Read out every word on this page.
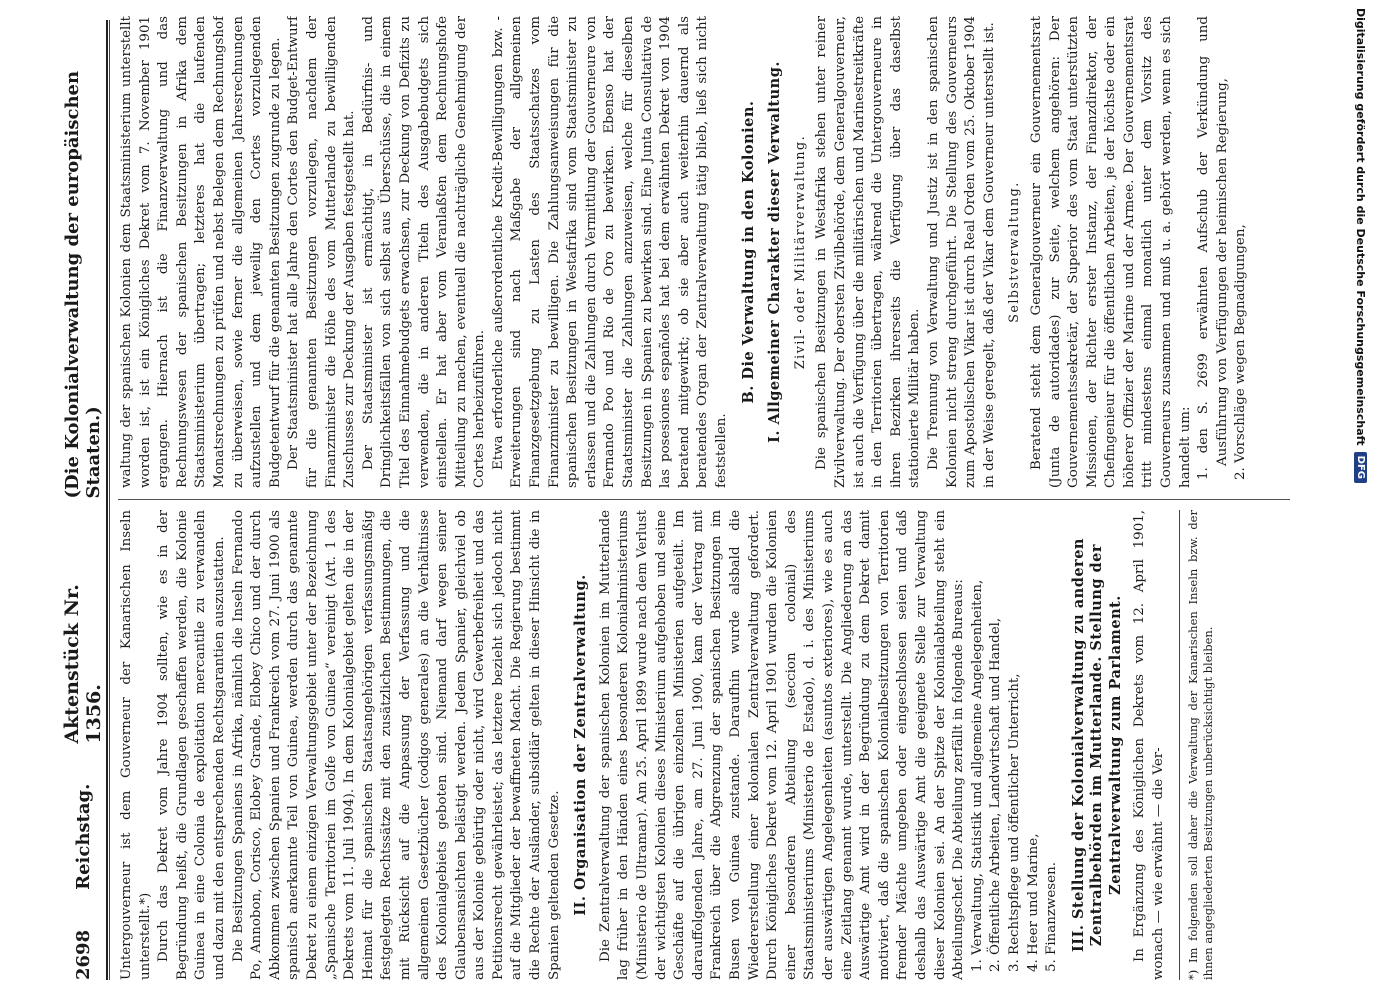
2698
Reichstag.
Aktenstück Nr. 1356.
(Die Kolonialverwaltung der europäischen Staaten.)

Untergouverneur ist dem Gouverneur der Kanarischen Inseln unterstellt.*) Durch das Dekret vom Jahre 1904 sollten, wie es in der Begründung heißt, die Grundlagen geschaffen werden, die Kolonie Guinea in eine Colonia de exploitation mercantile zu verwandeln und dazu mit den entsprechenden Rechtsgarantien auszustatten. Die Besitzungen Spaniens in Afrika, nämlich die Inseln Fernando Po, Annobon, Corisco, Elobey Grande, Elobey Chico und der durch Abkommen zwischen Spanien und Frankreich vom 27. Juni 1900 als spanisch anerkannte Teil von Guinea, werden durch das genannte Dekret zu einem einzigen Verwaltungsgebiet unter der Bezeichnung „Spanische Territorien im Golfe von Guinea“ vereinigt (Art. 1 des Dekrets vom 11. Juli 1904). In dem Kolonialgebiet gelten die in der Heimat für die spanischen Staatsangehörigen verfassungsmäßig festgelegten Rechtssätze mit den zusätzlichen Bestimmungen, die mit Rücksicht auf die Anpassung der Verfassung und die allgemeinen Gesetzbücher (codigos generales) an die Verhältnisse des Kolonialgebiets geboten sind. Niemand darf wegen seiner Glaubensansichten belästigt werden. Jedem Spanier, gleichviel ob aus der Kolonie gebürtig oder nicht, wird Gewerbefreiheit und das Petitionsrecht gewährleistet; das letztere bezieht sich jedoch nicht auf die Mitglieder der bewaffneten Macht. Die Regierung bestimmt die Rechte der Ausländer, subsidiär gelten in dieser Hinsicht die in Spanien geltenden Gesetze. II. Organisation der Zentralverwaltung. Die Zentralverwaltung der spanischen Kolonien im Mutterlande lag früher in den Händen eines besonderen Kolonialministeriums (Ministerio de Ultramar). Am 25. April 1899 wurde nach dem Verlust der wichtigsten Kolonien dieses Ministerium aufgehoben und seine Geschäfte auf die übrigen einzelnen Ministerien aufgeteilt. Im darauffolgenden Jahre, am 27. Juni 1900, kam der Vertrag mit Frankreich über die Abgrenzung der spanischen Besitzungen im Busen von Guinea zustande. Daraufhin wurde alsbald die Wiedererstellung einer kolonialen Zentralverwaltung gefordert. Durch Königliches Dekret vom 12. April 1901 wurden die Kolonien einer besonderen Abteilung (seccion colonial) des Staatsministeriums (Ministerio de Estado), d. i. des Ministeriums der auswärtigen Angelegenheiten (asuntos exteriores), wie es auch eine Zeitlang genannt wurde, unterstellt. Die Angliederung an das Auswärtige Amt wird in der Begründung zu dem Dekret damit motiviert, daß die spanischen Kolonialbesitzungen von Territorien fremder Mächte umgeben oder eingeschlossen seien und daß deshalb das Auswärtige Amt die geeignete Stelle zur Verwaltung dieser Kolonien sei. An der Spitze der Kolonialabteilung steht ein Abteilungschef. Die Abteilung zerfällt in folgende Bureaus: 1. Verwaltung, Statistik und allgemeine Angelegenheiten, 2. Öffentliche Arbeiten, Landwirtschaft und Handel, 3. Rechtspflege und öffentlicher Unterricht, 4. Heer und Marine, 5. Finanzwesen. III. Stellung der Kolonialverwaltung zu anderen Zentralbehörden im Mutterlande. Stellung der Zentralverwaltung zum Parlament. In Ergänzung des Königlichen Dekrets vom 12. April 1901, wonach — wie erwähnt — die Ver-	*) Im folgenden soll daher die Verwaltung der Kanarischen Inseln bzw. der ihnen angegliederten Besitzungen unberücksichtigt bleiben.

waltung der spanischen Kolonien dem Staatsministerium unterstellt worden ist, ist ein Königliches Dekret vom 7. November 1901 ergangen. Hiernach ist die Finanzverwaltung und das Rechnungswesen der spanischen Besitzungen in Afrika dem Staatsministerium übertragen; letzteres hat die laufenden Monatsrechnungen zu prüfen und nebst Belegen dem Rechnungshof zu überweisen, sowie ferner die allgemeinen Jahresrechnungen aufzustellen und dem jeweilig den Cortes vorzulegenden Budgetentwurf für die genannten Besitzungen zugrunde zu legen. Der Staatsminister hat alle Jahre den Cortes den Budget-Entwurf für die genannten Besitzungen vorzulegen, nachdem der Finanzminister die Höhe des vom Mutterlande zu bewilligenden Zuschusses zur Deckung der Ausgaben festgestellt hat. Der Staatsminister ist ermächtigt, in Bedürfnis- und Dringlichkeitsfällen von sich selbst aus Überschüsse, die in einem Titel des Einnahmebudgets erwachsen, zur Deckung von Defizits zu verwenden, die in anderen Titeln des Ausgabebudgets sich einstellen. Er hat aber vom Veranlaßten dem Rechnungshofe Mitteilung zu machen, eventuell die nachträgliche Genehmigung der Cortes herbeizuführen. Etwa erforderliche außerordentliche Kredit-Bewilligungen bzw. -Erweiterungen sind nach Maßgabe der allgemeinen Finanzgesetzgebung zu Lasten des Staatsschatzes vom Finanzminister zu bewilligen. Die Zahlungsanweisungen für die spanischen Besitzungen in Westafrika sind vom Staatsminister zu erlassen und die Zahlungen durch Vermittlung der Gouverneure von Fernando Poo und Rio de Oro zu bewirken. Ebenso hat der Staatsminister die Zahlungen anzuweisen, welche für dieselben Besitzungen in Spanien zu bewirken sind. Eine Junta Consultativa de las posesiones españoles hat bei dem erwähnten Dekret von 1904 beratend mitgewirkt; ob sie aber auch weiterhin dauernd als beratendes Organ der Zentralverwaltung tätig blieb, ließ sich nicht feststellen.

B. Die Verwaltung in den Kolonien. I. Allgemeiner Charakter dieser Verwaltung. Zivil- oder Militärverwaltung. Die spanischen Besitzungen in Westafrika stehen unter reiner Zivilverwaltung. Der obersten Zivilbehörde, dem Generalgouverneur, ist auch die Verfügung über die militärischen und Marinestreitkräfte in den Territorien übertragen, während die Untergouverneure in ihren Bezirken ihrerseits die Verfügung über das daselbst stationierte Militär haben. Die Trennung von Verwaltung und Justiz ist in den spanischen Kolonien nicht streng durchgeführt. Die Stellung des Gouverneurs zum Apostolischen Vikar ist durch Real Orden vom 25. Oktober 1904 in der Weise geregelt, daß der Vikar dem Gouverneur unterstellt ist. Selbstverwaltung. Beratend steht dem Generalgouverneur ein Gouvernementsrat (Junta de autoridades) zur Seite, welchem angehören: Der Gouvernementssekretär, der Superior des vom Staat unterstützten Missionen, der Richter erster Instanz, der Finanzdirektor, der Chefingenieur für die öffentlichen Arbeiten, je der höchste oder ein höherer Offizier der Marine und der Armee. Der Gouvernementsrat tritt mindestens einmal monatlich unter dem Vorsitz des Gouverneurs zusammen und muß u. a. gehört werden, wenn es sich handelt um: 1. den S. 2699 erwähnten Aufschub der Verkündung und Ausführung von Verfügungen der heimischen Regierung, 2. Vorschläge wegen Begnadigungen,	Digitalisierung gefördert durch die Deutsche Forschungsgemeinschaft
DFG
